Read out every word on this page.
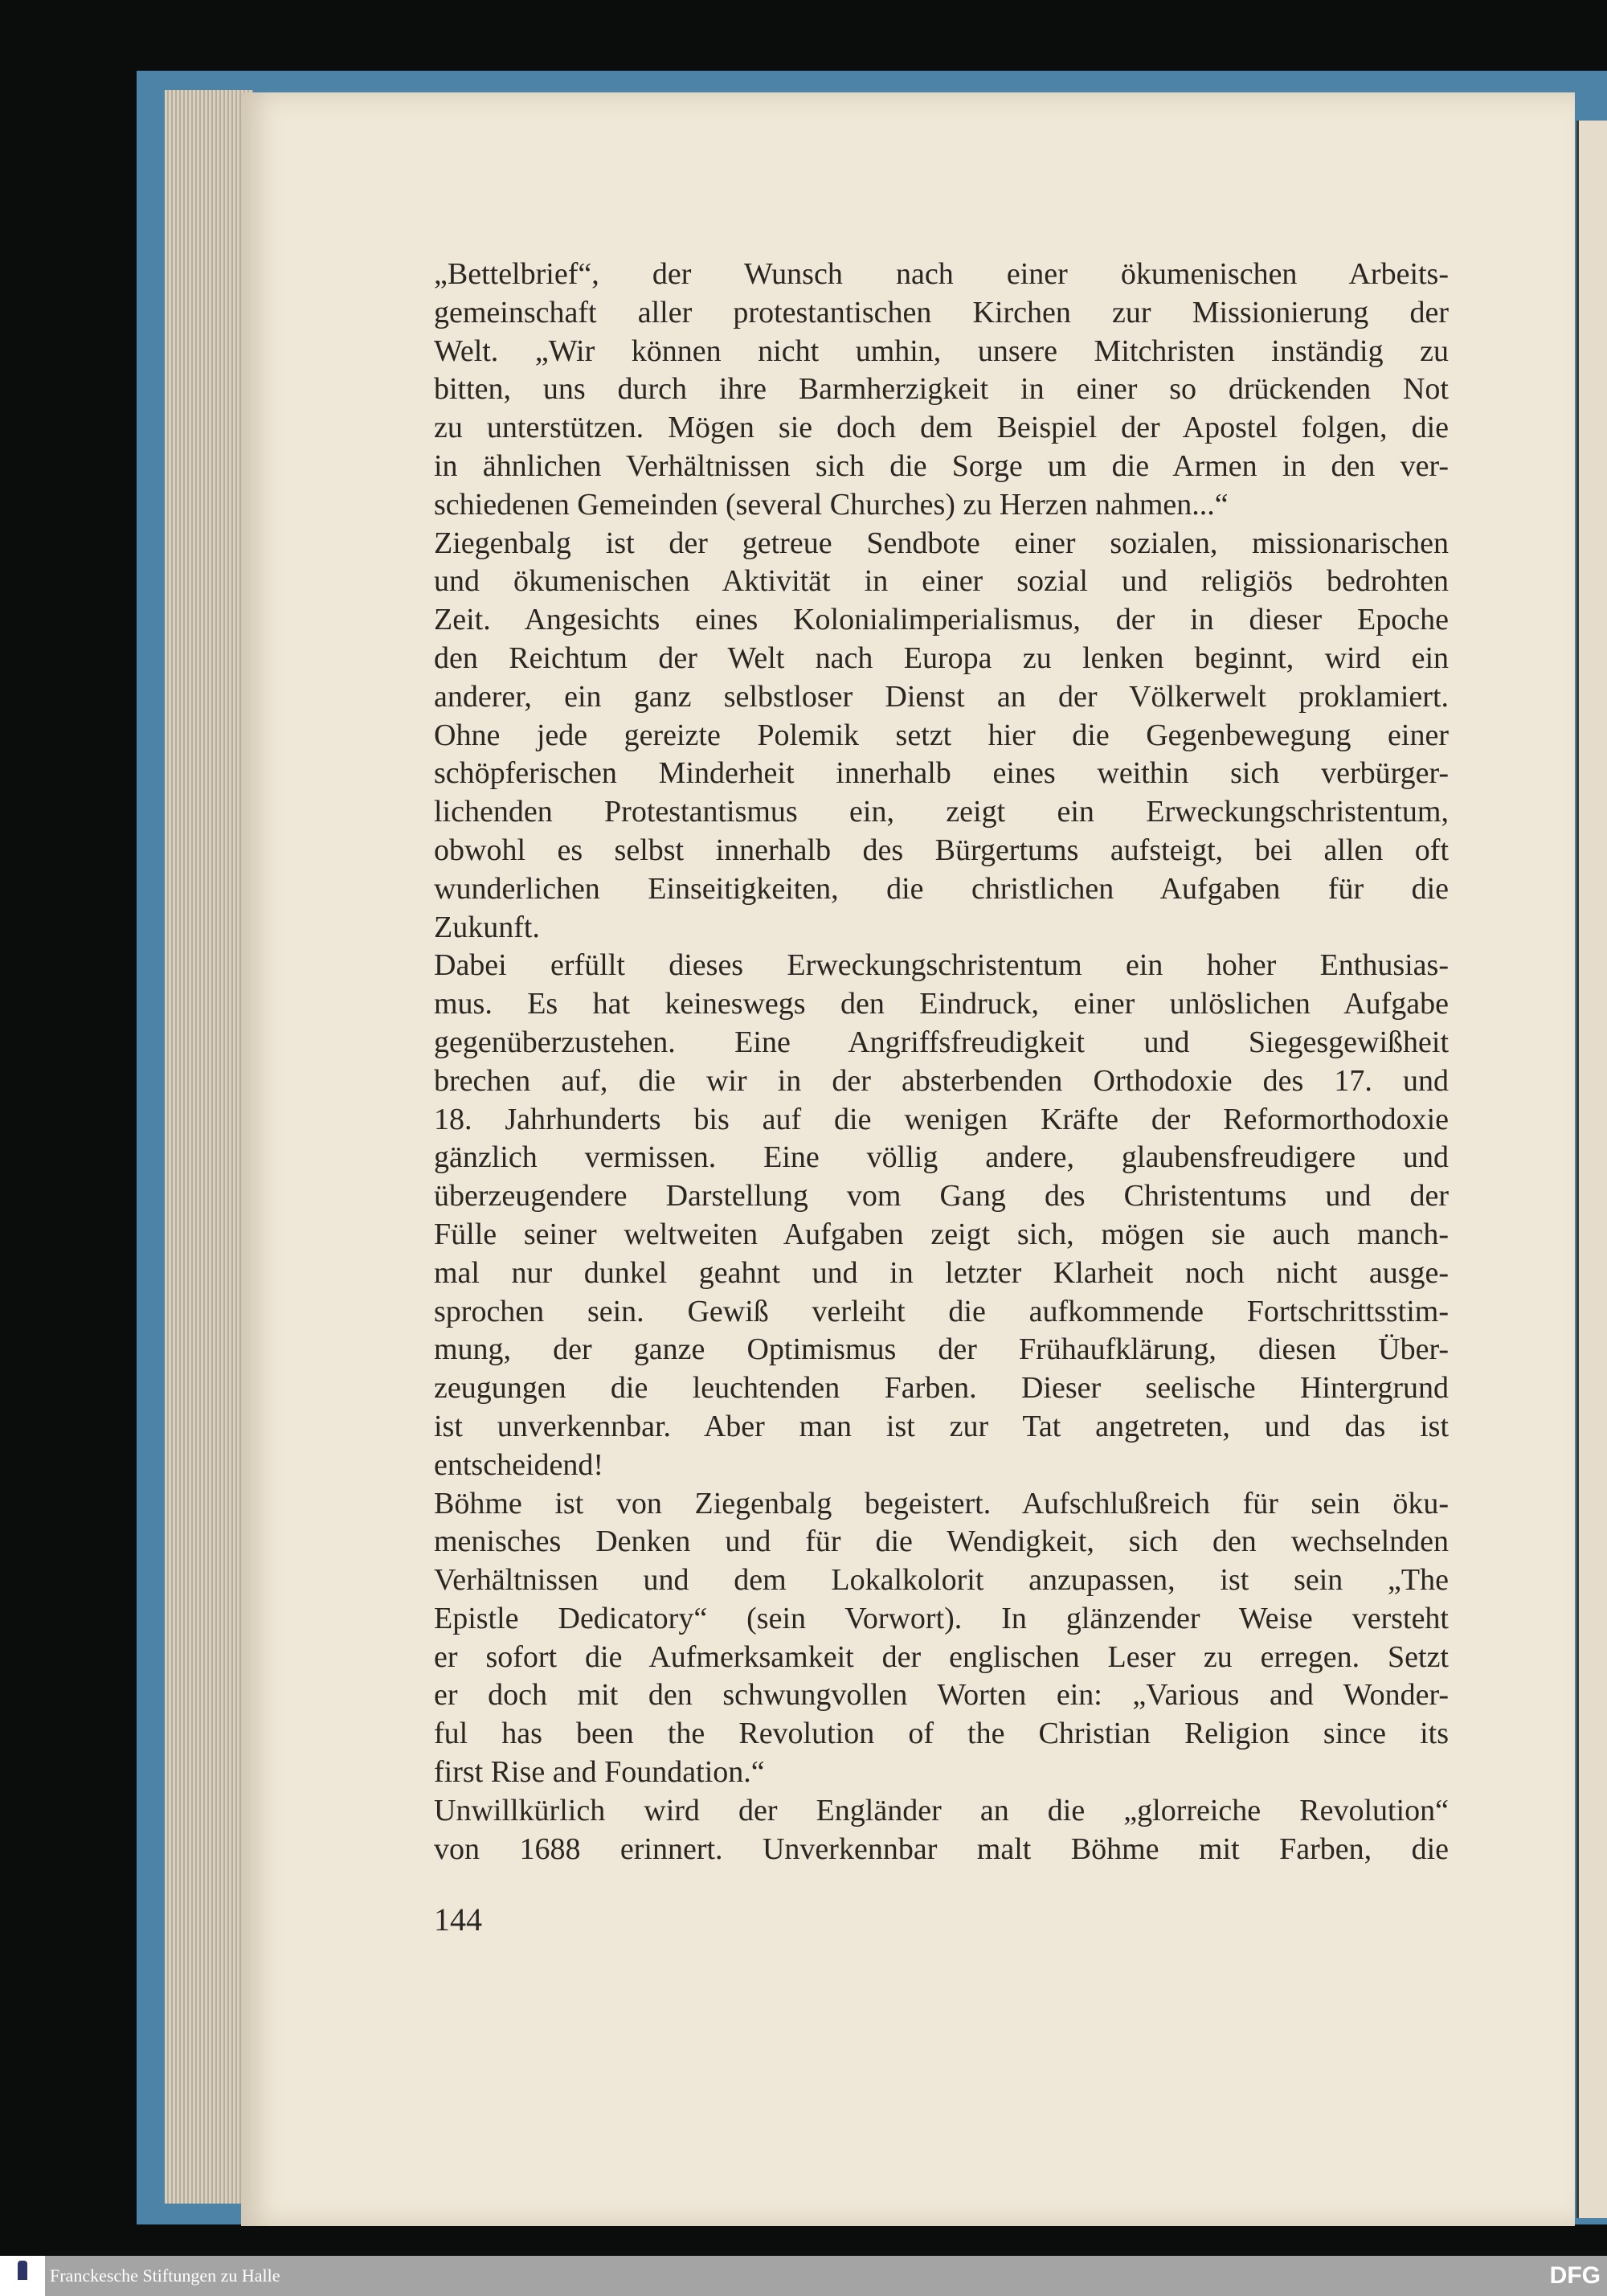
„Bettelbrief“, der Wunsch nach einer ökumenischen Arbeits-
gemeinschaft aller protestantischen Kirchen zur Missionierung der
Welt. „Wir können nicht umhin, unsere Mitchristen inständig zu
bitten, uns durch ihre Barmherzigkeit in einer so drückenden Not
zu unterstützen. Mögen sie doch dem Beispiel der Apostel folgen, die
in ähnlichen Verhältnissen sich die Sorge um die Armen in den ver-
schiedenen Gemeinden (several Churches) zu Herzen nahmen...“
Ziegenbalg ist der getreue Sendbote einer sozialen, missionarischen
und ökumenischen Aktivität in einer sozial und religiös bedrohten
Zeit. Angesichts eines Kolonialimperialismus, der in dieser Epoche
den Reichtum der Welt nach Europa zu lenken beginnt, wird ein
anderer, ein ganz selbstloser Dienst an der Völkerwelt proklamiert.
Ohne jede gereizte Polemik setzt hier die Gegenbewegung einer
schöpferischen Minderheit innerhalb eines weithin sich verbürger-
lichenden Protestantismus ein, zeigt ein Erweckungschristentum,
obwohl es selbst innerhalb des Bürgertums aufsteigt, bei allen oft
wunderlichen Einseitigkeiten, die christlichen Aufgaben für die
Zukunft.
Dabei erfüllt dieses Erweckungschristentum ein hoher Enthusias-
mus. Es hat keineswegs den Eindruck, einer unlöslichen Aufgabe
gegenüberzustehen. Eine Angriffsfreudigkeit und Siegesgewißheit
brechen auf, die wir in der absterbenden Orthodoxie des 17. und
18. Jahrhunderts bis auf die wenigen Kräfte der Reformorthodoxie
gänzlich vermissen. Eine völlig andere, glaubensfreudigere und
überzeugendere Darstellung vom Gang des Christentums und der
Fülle seiner weltweiten Aufgaben zeigt sich, mögen sie auch manch-
mal nur dunkel geahnt und in letzter Klarheit noch nicht ausge-
sprochen sein. Gewiß verleiht die aufkommende Fortschrittsstim-
mung, der ganze Optimismus der Frühaufklärung, diesen Über-
zeugungen die leuchtenden Farben. Dieser seelische Hintergrund
ist unverkennbar. Aber man ist zur Tat angetreten, und das ist
entscheidend!
Böhme ist von Ziegenbalg begeistert. Aufschlußreich für sein öku-
menisches Denken und für die Wendigkeit, sich den wechselnden
Verhältnissen und dem Lokalkolorit anzupassen, ist sein „The
Epistle Dedicatory“ (sein Vorwort). In glänzender Weise versteht
er sofort die Aufmerksamkeit der englischen Leser zu erregen. Setzt
er doch mit den schwungvollen Worten ein: „Various and Wonder-
ful has been the Revolution of the Christian Religion since its
first Rise and Foundation.“
Unwillkürlich wird der Engländer an die „glorreiche Revolution“
von 1688 erinnert. Unverkennbar malt Böhme mit Farben, die
144
Franckesche Stiftungen zu Halle	DFG
